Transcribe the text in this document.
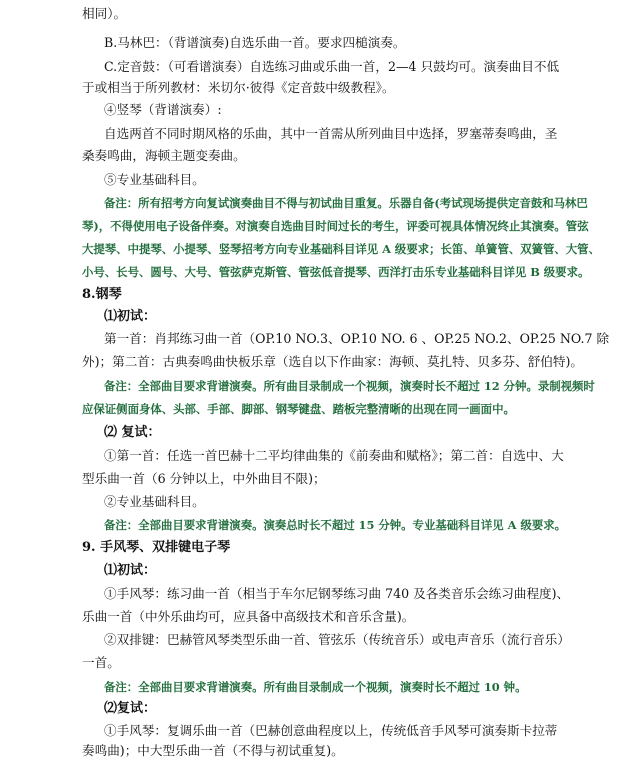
相同）。
B.马林巴：（背谱演奏)自选乐曲一首。要求四槌演奏。
C.定音鼓：（可看谱演奏）自选练习曲或乐曲一首，2—4 只鼓均可。演奏曲目不低
于或相当于所列教材：米切尔·彼得《定音鼓中级教程》。
④竖琴（背谱演奏）:
自选两首不同时期风格的乐曲，其中一首需从所列曲目中选择，罗塞蒂奏鸣曲，圣
桑奏鸣曲，海顿主题变奏曲。
⑤专业基础科目。
备注：所有招考方向复试演奏曲目不得与初试曲目重复。乐器自备(考试现场提供定音鼓和马林巴
琴)，不得使用电子设备伴奏。对演奏自选曲目时间过长的考生，评委可视具体情况终止其演奏。管弦
大提琴、中提琴、小提琴、竖琴招考方向专业基础科目详见 A 级要求；长笛、单簧管、双簧管、大管、
小号、长号、圆号、大号、管弦萨克斯管、管弦低音提琴、西洋打击乐专业基础科目详见 B 级要求。
8.钢琴
⑴初试：
第一首：肖邦练习曲一首（OP.10 NO.3、OP.10 NO. 6 、OP.25 NO.2、OP.25 NO.7 除
外)；第二首：古典奏鸣曲快板乐章（选自以下作曲家：海顿、莫扎特、贝多芬、舒伯特)。
备注：全部曲目要求背谱演奏。所有曲目录制成一个视频，演奏时长不超过 12 分钟。录制视频时
应保证侧面身体、头部、手部、脚部、钢琴键盘、踏板完整清晰的出现在同一画面中。
⑵ 复试：
①第一首：任选一首巴赫十二平均律曲集的《前奏曲和赋格》；第二首：自选中、大
型乐曲一首（6 分钟以上，中外曲目不限)；
②专业基础科目。
备注：全部曲目要求背谱演奏。演奏总时长不超过 15 分钟。专业基础科目详见 A 级要求。
9. 手风琴、双排键电子琴
⑴初试：
①手风琴：练习曲一首（相当于车尔尼钢琴练习曲 740 及各类音乐会练习曲程度)、
乐曲一首（中外乐曲均可，应具备中高级技术和音乐含量)。
②双排键：巴赫管风琴类型乐曲一首、管弦乐（传统音乐）或电声音乐（流行音乐）
一首。
备注：全部曲目要求背谱演奏。所有曲目录制成一个视频，演奏时长不超过 10 钟。
⑵复试：
①手风琴：复调乐曲一首（巴赫创意曲程度以上，传统低音手风琴可演奏斯卡拉蒂
奏鸣曲)；中大型乐曲一首（不得与初试重复)。
